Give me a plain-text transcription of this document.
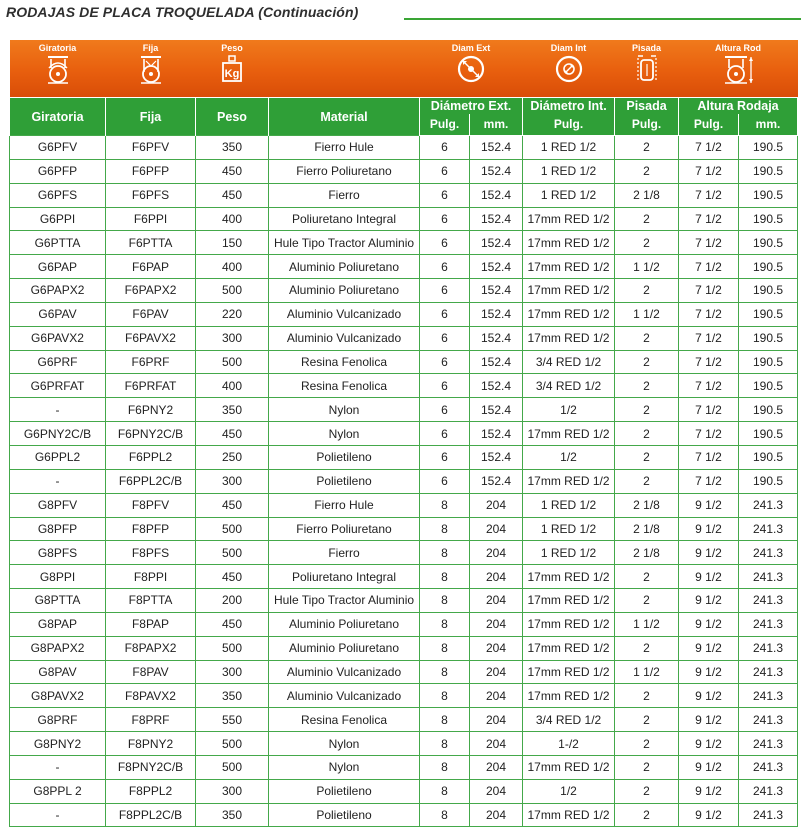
RODAJAS DE PLACA TROQUELADA (Continuación)
Giratoria	Fija	Peso
Kg		Diam Ext		Diam Int	Pisada	Altura Rod	

Giratoria	Fija	Peso	Material	Diámetro Ext.		Diámetro Int.	Pisada	Altura Rodaja	
				Pulg.	mm.	Pulg.	Pulg.	Pulg.	mm.
G6PFV	F6PFV	350	Fierro Hule	6	152.4	1 RED 1/2	2	7 1/2	190.5
G6PFP	F6PFP	450	Fierro Poliuretano	6	152.4	1 RED 1/2	2	7 1/2	190.5
G6PFS	F6PFS	450	Fierro	6	152.4	1 RED 1/2	2 1/8	7 1/2	190.5
G6PPI	F6PPI	400	Poliuretano Integral	6	152.4	17mm RED 1/2	2	7 1/2	190.5
G6PTTA	F6PTTA	150	Hule Tipo Tractor Aluminio	6	152.4	17mm RED 1/2	2	7 1/2	190.5
G6PAP	F6PAP	400	Aluminio Poliuretano	6	152.4	17mm RED 1/2	1 1/2	7 1/2	190.5
G6PAPX2	F6PAPX2	500	Aluminio Poliuretano	6	152.4	17mm RED 1/2	2	7 1/2	190.5
G6PAV	F6PAV	220	Aluminio Vulcanizado	6	152.4	17mm RED 1/2	1 1/2	7 1/2	190.5
G6PAVX2	F6PAVX2	300	Aluminio Vulcanizado	6	152.4	17mm RED 1/2	2	7 1/2	190.5
G6PRF	F6PRF	500	Resina Fenolica	6	152.4	3/4 RED 1/2	2	7 1/2	190.5
G6PRFAT	F6PRFAT	400	Resina Fenolica	6	152.4	3/4 RED 1/2	2	7 1/2	190.5
-	F6PNY2	350	Nylon	6	152.4	1/2	2	7 1/2	190.5
G6PNY2C/B	F6PNY2C/B	450	Nylon	6	152.4	17mm RED 1/2	2	7 1/2	190.5
G6PPL2	F6PPL2	250	Polietileno	6	152.4	1/2	2	7 1/2	190.5
-	F6PPL2C/B	300	Polietileno	6	152.4	17mm RED 1/2	2	7 1/2	190.5
G8PFV	F8PFV	450	Fierro Hule	8	204	1 RED 1/2	2 1/8	9 1/2	241.3
G8PFP	F8PFP	500	Fierro Poliuretano	8	204	1 RED 1/2	2 1/8	9 1/2	241.3
G8PFS	F8PFS	500	Fierro	8	204	1 RED 1/2	2 1/8	9 1/2	241.3
G8PPI	F8PPI	450	Poliuretano Integral	8	204	17mm RED 1/2	2	9 1/2	241.3
G8PTTA	F8PTTA	200	Hule Tipo Tractor Aluminio	8	204	17mm RED 1/2	2	9 1/2	241.3
G8PAP	F8PAP	450	Aluminio Poliuretano	8	204	17mm RED 1/2	1 1/2	9 1/2	241.3
G8PAPX2	F8PAPX2	500	Aluminio Poliuretano	8	204	17mm RED 1/2	2	9 1/2	241.3
G8PAV	F8PAV	300	Aluminio Vulcanizado	8	204	17mm RED 1/2	1 1/2	9 1/2	241.3
G8PAVX2	F8PAVX2	350	Aluminio Vulcanizado	8	204	17mm RED 1/2	2	9 1/2	241.3
G8PRF	F8PRF	550	Resina Fenolica	8	204	3/4 RED 1/2	2	9 1/2	241.3
G8PNY2	F8PNY2	500	Nylon	8	204	1-/2	2	9 1/2	241.3
-	F8PNY2C/B	500	Nylon	8	204	17mm RED 1/2	2	9 1/2	241.3
G8PPL 2	F8PPL2	300	Polietileno	8	204	1/2	2	9 1/2	241.3
-	F8PPL2C/B	350	Polietileno	8	204	17mm RED 1/2	2	9 1/2	241.3
